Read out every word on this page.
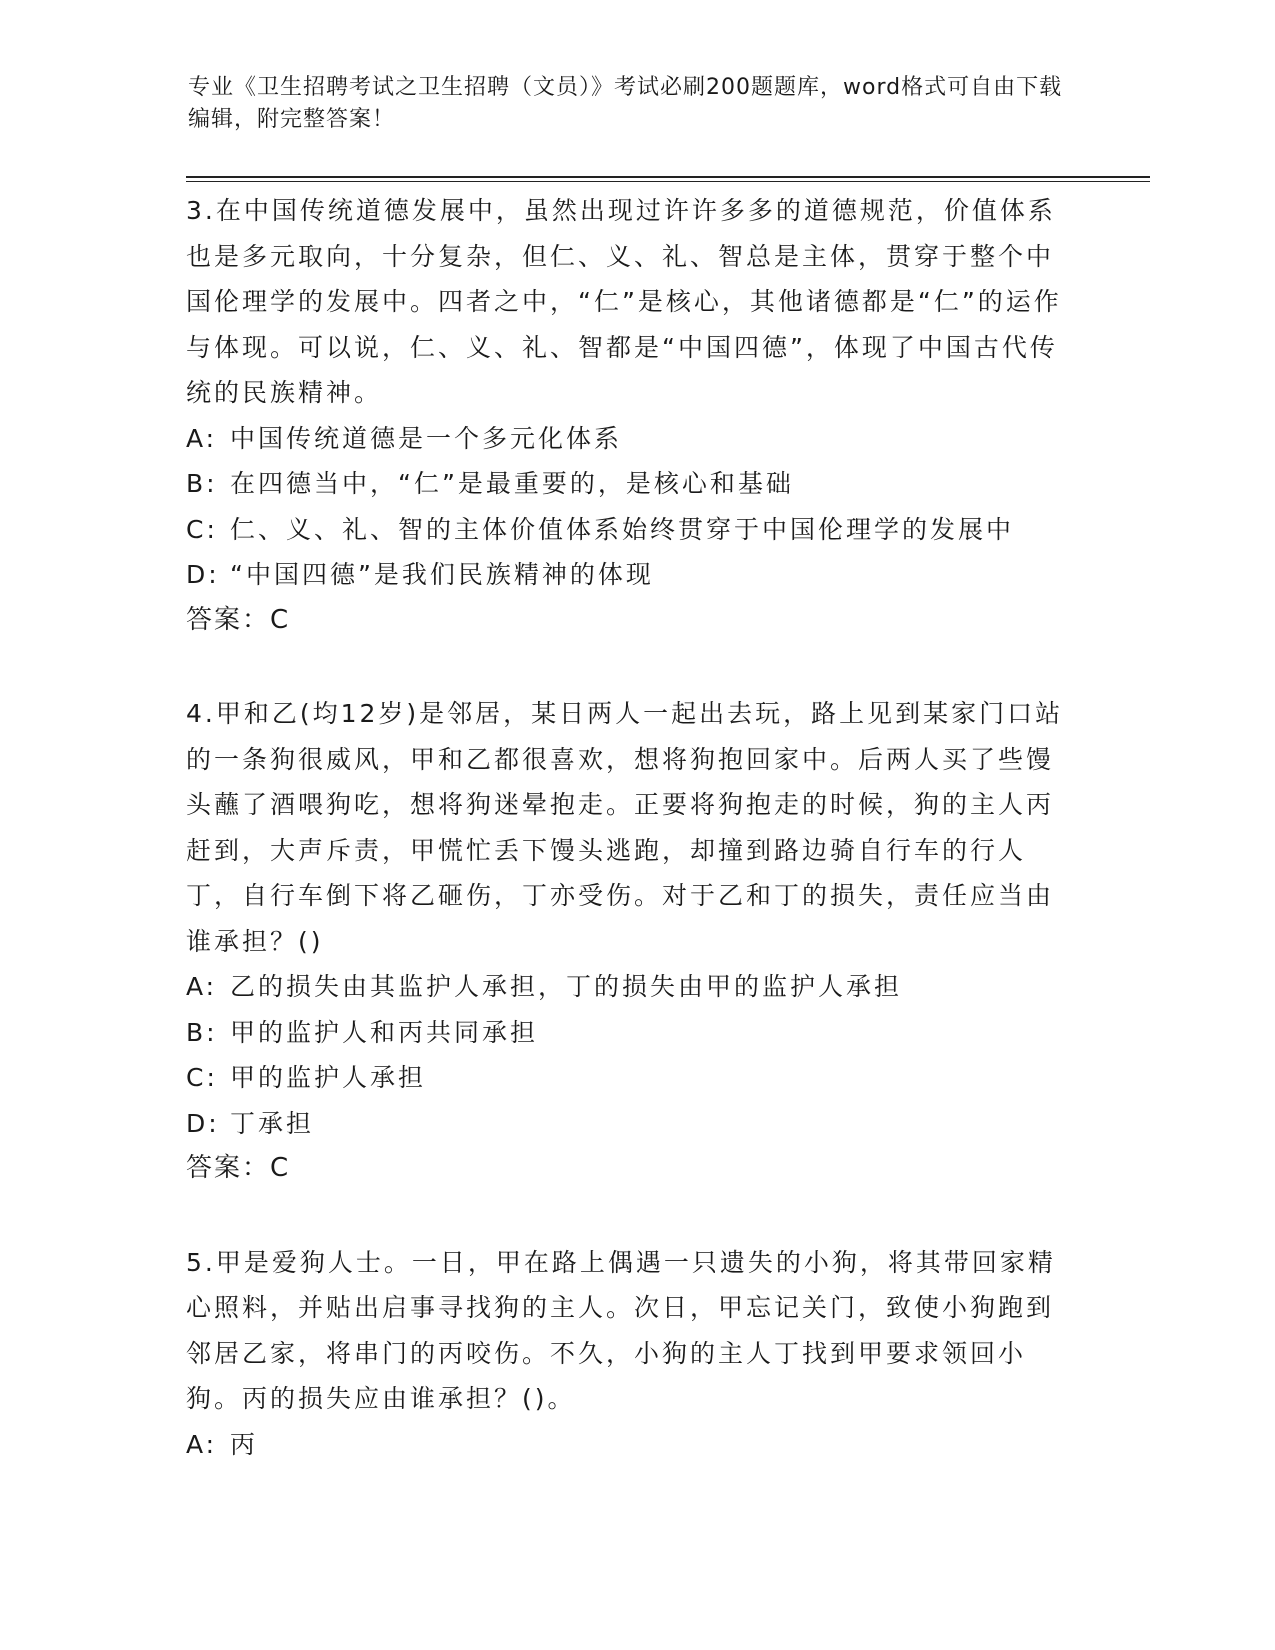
专业《卫生招聘考试之卫生招聘（文员）》考试必刷200题题库，word格式可自由下载编辑，附完整答案！

3.在中国传统道德发展中，虽然出现过许许多多的道德规范，价值体系也是多元取向，十分复杂，但仁、义、礼、智总是主体，贯穿于整个中国伦理学的发展中。四者之中，“仁”是核心，其他诸德都是“仁”的运作与体现。可以说，仁、义、礼、智都是“中国四德”，体现了中国古代传统的民族精神。

A: 中国传统道德是一个多元化体系

B: 在四德当中，“仁”是最重要的，是核心和基础

C: 仁、义、礼、智的主体价值体系始终贯穿于中国伦理学的发展中

D: “中国四德”是我们民族精神的体现

答案：C

4.甲和乙(均12岁)是邻居，某日两人一起出去玩，路上见到某家门口站的一条狗很威风，甲和乙都很喜欢，想将狗抱回家中。后两人买了些馒头蘸了酒喂狗吃，想将狗迷晕抱走。正要将狗抱走的时候，狗的主人丙赶到，大声斥责，甲慌忙丢下馒头逃跑，却撞到路边骑自行车的行人丁，自行车倒下将乙砸伤，丁亦受伤。对于乙和丁的损失，责任应当由谁承担？()

A: 乙的损失由其监护人承担，丁的损失由甲的监护人承担

B: 甲的监护人和丙共同承担

C: 甲的监护人承担

D: 丁承担

答案：C

5.甲是爱狗人士。一日，甲在路上偶遇一只遗失的小狗，将其带回家精心照料，并贴出启事寻找狗的主人。次日，甲忘记关门，致使小狗跑到邻居乙家，将串门的丙咬伤。不久，小狗的主人丁找到甲要求领回小狗。丙的损失应由谁承担？()。

A: 丙
